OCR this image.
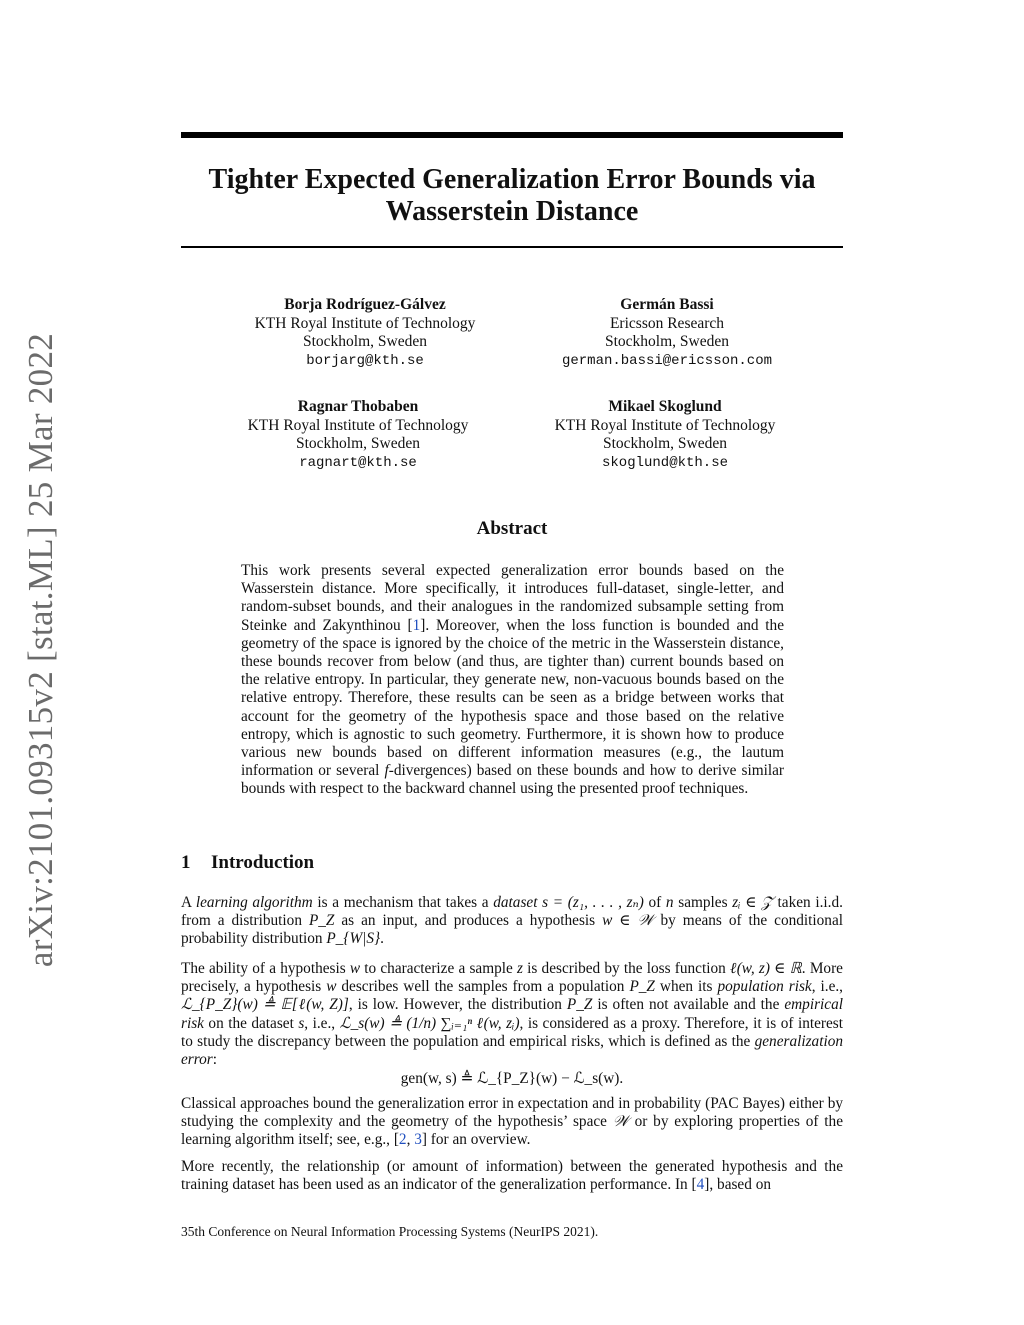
arXiv:2101.09315v2 [stat.ML] 25 Mar 2022
Tighter Expected Generalization Error Bounds via Wasserstein Distance
Borja Rodríguez-Gálvez
KTH Royal Institute of Technology
Stockholm, Sweden
borjarg@kth.se
Germán Bassi
Ericsson Research
Stockholm, Sweden
german.bassi@ericsson.com
Ragnar Thobaben
KTH Royal Institute of Technology
Stockholm, Sweden
ragnart@kth.se
Mikael Skoglund
KTH Royal Institute of Technology
Stockholm, Sweden
skoglund@kth.se
Abstract

This work presents several expected generalization error bounds based on the Wasserstein distance. More specifically, it introduces full-dataset, single-letter, and random-subset bounds, and their analogues in the randomized subsample setting from Steinke and Zakynthinou [1]. Moreover, when the loss function is bounded and the geometry of the space is ignored by the choice of the metric in the Wasserstein distance, these bounds recover from below (and thus, are tighter than) current bounds based on the relative entropy. In particular, they generate new, non-vacuous bounds based on the relative entropy. Therefore, these results can be seen as a bridge between works that account for the geometry of the hypothesis space and those based on the relative entropy, which is agnostic to such geometry. Furthermore, it is shown how to produce various new bounds based on different information measures (e.g., the lautum information or several f-divergences) based on these bounds and how to derive similar bounds with respect to the backward channel using the presented proof techniques.

1 Introduction

A learning algorithm is a mechanism that takes a dataset s = (z₁, . . . , zₙ) of n samples zᵢ ∈ 𝒵 taken i.i.d. from a distribution P_Z as an input, and produces a hypothesis w ∈ 𝒲 by means of the conditional probability distribution P_{W|S}.

The ability of a hypothesis w to characterize a sample z is described by the loss function ℓ(w, z) ∈ ℝ. More precisely, a hypothesis w describes well the samples from a population P_Z when its population risk, i.e., ℒ_{P_Z}(w) ≜ 𝔼[ℓ(w, Z)], is low. However, the distribution P_Z is often not available and the empirical risk on the dataset s, i.e., ℒ_s(w) ≜ (1/n) ∑ᵢ₌₁ⁿ ℓ(w, zᵢ), is considered as a proxy. Therefore, it is of interest to study the discrepancy between the population and empirical risks, which is defined as the generalization error:

gen(w, s) ≜ ℒ_{P_Z}(w) − ℒ_s(w).

Classical approaches bound the generalization error in expectation and in probability (PAC Bayes) either by studying the complexity and the geometry of the hypothesis’ space 𝒲 or by exploring properties of the learning algorithm itself; see, e.g., [2, 3] for an overview.

More recently, the relationship (or amount of information) between the generated hypothesis and the training dataset has been used as an indicator of the generalization performance. In [4], based on

35th Conference on Neural Information Processing Systems (NeurIPS 2021).
